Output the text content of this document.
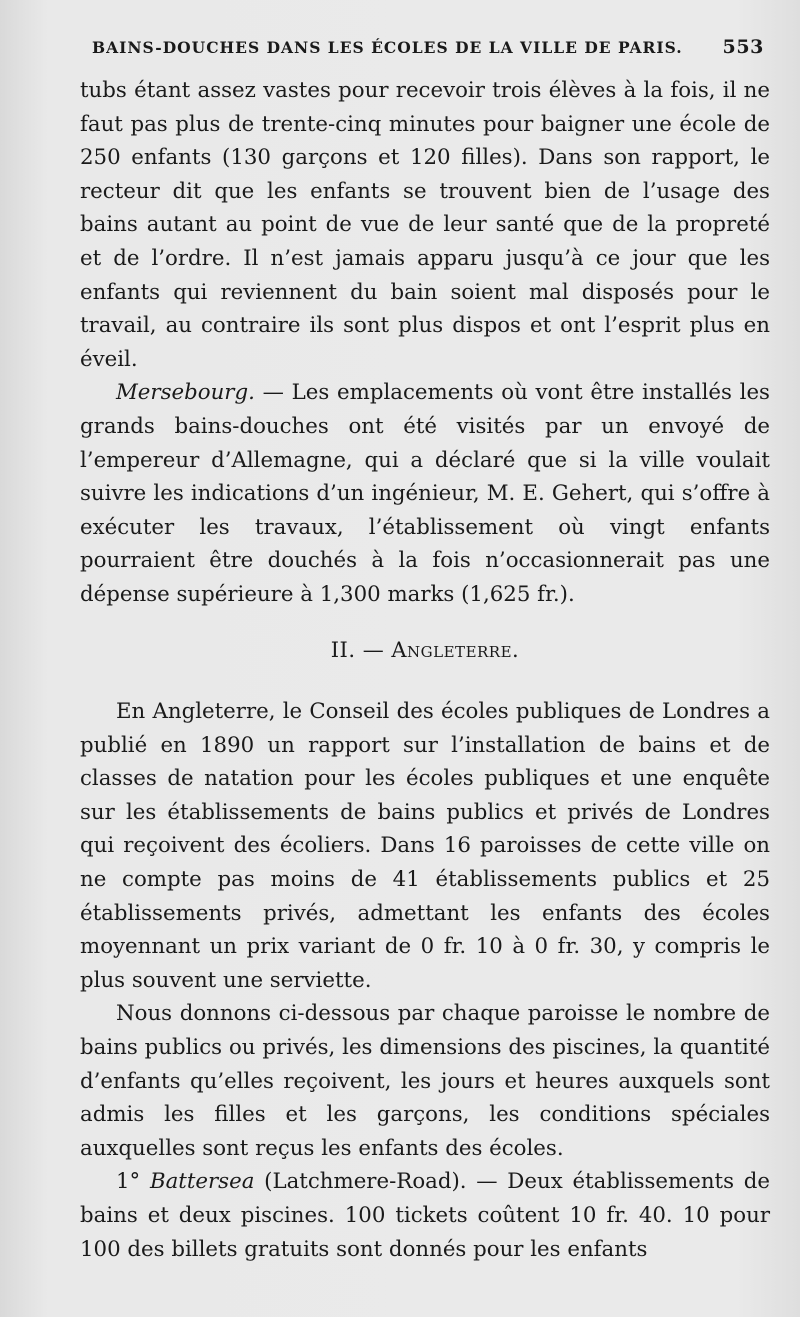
BAINS-DOUCHES DANS LES ÉCOLES DE LA VILLE DE PARIS. 553

tubs étant assez vastes pour recevoir trois élèves à la fois, il ne faut pas plus de trente-cinq minutes pour baigner une école de 250 enfants (130 garçons et 120 filles). Dans son rapport, le recteur dit que les enfants se trouvent bien de l’usage des bains autant au point de vue de leur santé que de la propreté et de l’ordre. Il n’est jamais apparu jusqu’à ce jour que les enfants qui reviennent du bain soient mal disposés pour le travail, au contraire ils sont plus dispos et ont l’esprit plus en éveil.

Mersebourg. — Les emplacements où vont être installés les grands bains-douches ont été visités par un envoyé de l’empereur d’Allemagne, qui a déclaré que si la ville voulait suivre les indications d’un ingénieur, M. E. Gehert, qui s’offre à exécuter les travaux, l’établissement où vingt enfants pourraient être douchés à la fois n’occasionnerait pas une dépense supérieure à 1,300 marks (1,625 fr.).

II. — Angleterre.

En Angleterre, le Conseil des écoles publiques de Londres a publié en 1890 un rapport sur l’installation de bains et de classes de natation pour les écoles publiques et une enquête sur les établissements de bains publics et privés de Londres qui reçoivent des écoliers. Dans 16 paroisses de cette ville on ne compte pas moins de 41 établissements publics et 25 établissements privés, admettant les enfants des écoles moyennant un prix variant de 0 fr. 10 à 0 fr. 30, y compris le plus souvent une serviette.

Nous donnons ci-dessous par chaque paroisse le nombre de bains publics ou privés, les dimensions des piscines, la quantité d’enfants qu’elles reçoivent, les jours et heures auxquels sont admis les filles et les garçons, les conditions spéciales auxquelles sont reçus les enfants des écoles.

1° Battersea (Latchmere-Road). — Deux établissements de bains et deux piscines. 100 tickets coûtent 10 fr. 40. 10 pour 100 des billets gratuits sont donnés pour les enfants
